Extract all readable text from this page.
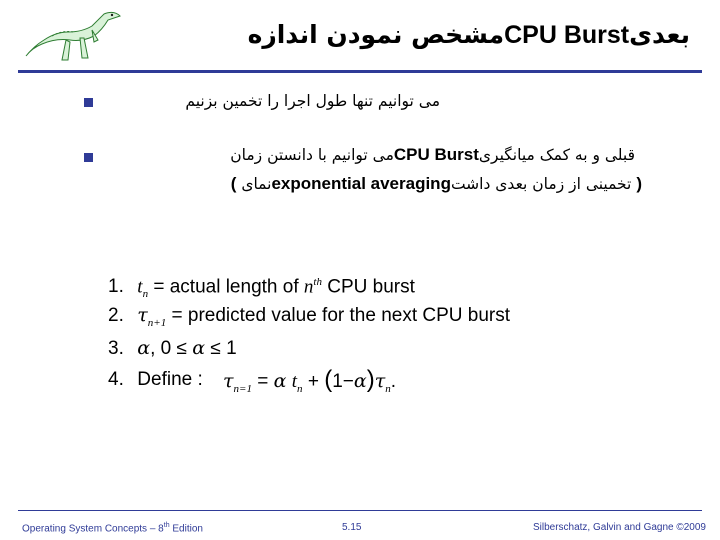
بعدیCPU Burstمشخص نمودن اندازه
می توانیم تنها طول اجرا را تخمین بزنیم
قبلی و به کمک میانگیریCPU Burstمی توانیم با دانستن زمان
( تخمینی از زمان بعدی داشتexponential averagingنمای )
1. $t_n$ = actual length of $n^{th}$ CPU burst
2. $\tau_{n+1}$ = predicted value for the next CPU burst
3. α, 0 ≤ α ≤ 1
4. Define : $\tau_{n=1} = \alpha$ $t_n + (1-\alpha)\tau_n$.
Operating System Concepts – 8th Edition	5.15	Silberschatz, Galvin and Gagne ©2009
